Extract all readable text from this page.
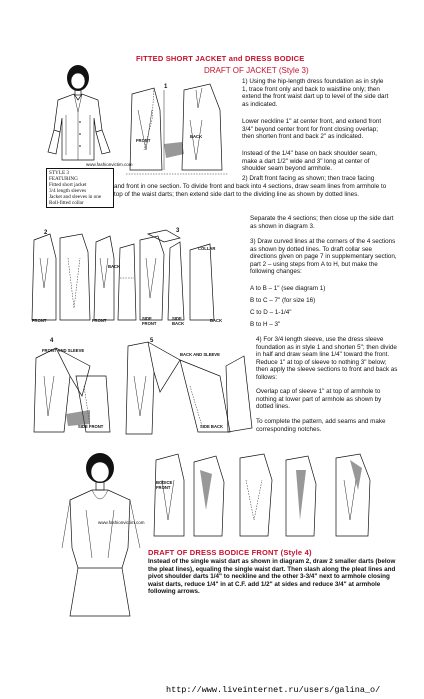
FITTED SHORT JACKET and DRESS BODICE
DRAFT OF JACKET (Style 3)
www.fashionvictim.com
STYLE 3
FEATURING
Fitted short jacket
3/4 length sleeves
Jacket and sleeves in one
Roll-fitted collar
FRONT
BACK
1
1) Using the hip-length dress foundation as in style 1, trace front only and back to waistline only; then extend the front waist dart up to level of the side dart as indicated.
Lower neckline 1" at center front, and extend front 3/4" beyond center front for front closing overlap; then shorten front and back 2" as indicated.
Instead of the 1/4" base on back shoulder seam, make a dart 1/2" wide and 3" long at center of shoulder seam beyond armhole.
2) Draft front facing as shown; then trace facing
and front in one section. To divide front and back into 4 sections, draw seam lines from armhole to top of the waist darts; then extend side dart to the dividing line as shown by dotted lines.
Separate the 4 sections; then close up the side dart as shown in diagram 3.
2	3
COLLAR
FRONT
BACK
FRONT	SIDE FRONT
SIDE BACK
BACK
3) Draw curved lines at the corners of the 4 sections as shown by dotted lines. To draft collar see directions given on page 7 in supplementary section, part 2 – using steps from A to H, but make the following changes:
A to B – 1" (see diagram 1)
B to C – 7" (for size 16)
C to D – 1-1/4"
B to H – 3"
4	5
FRONT AND SLEEVE
BACK AND SLEEVE
SIDE FRONT	SIDE BACK
4) For 3/4 length sleeve, use the dress sleeve foundation as in style 1 and shorten 5"; then divide in half and draw seam line 1/4" toward the front. Reduce 1" at top of sleeve to nothing 3" below; then apply the sleeve sections to front and back as follows:
Overlap cap of sleeve 1" at top of armhole to nothing at lower part of armhole as shown by dotted lines.
To complete the pattern, add seams and make corresponding notches.
www.fashionvictim.com
BODICE FRONT
DRAFT OF DRESS BODICE FRONT (Style 4)
Instead of the single waist dart as shown in diagram 2, draw 2 smaller darts (below the pleat lines), equaling the single waist dart. Then slash along the pleat lines and pivot shoulder darts 1/4" to neckline and the other 3-3/4" next to armhole closing waist darts, reduce 1/4" in at C.F. add 1/2" at sides and reduce 3/4" at armhole following arrows.
http://www.liveinternet.ru/users/galina_o/
